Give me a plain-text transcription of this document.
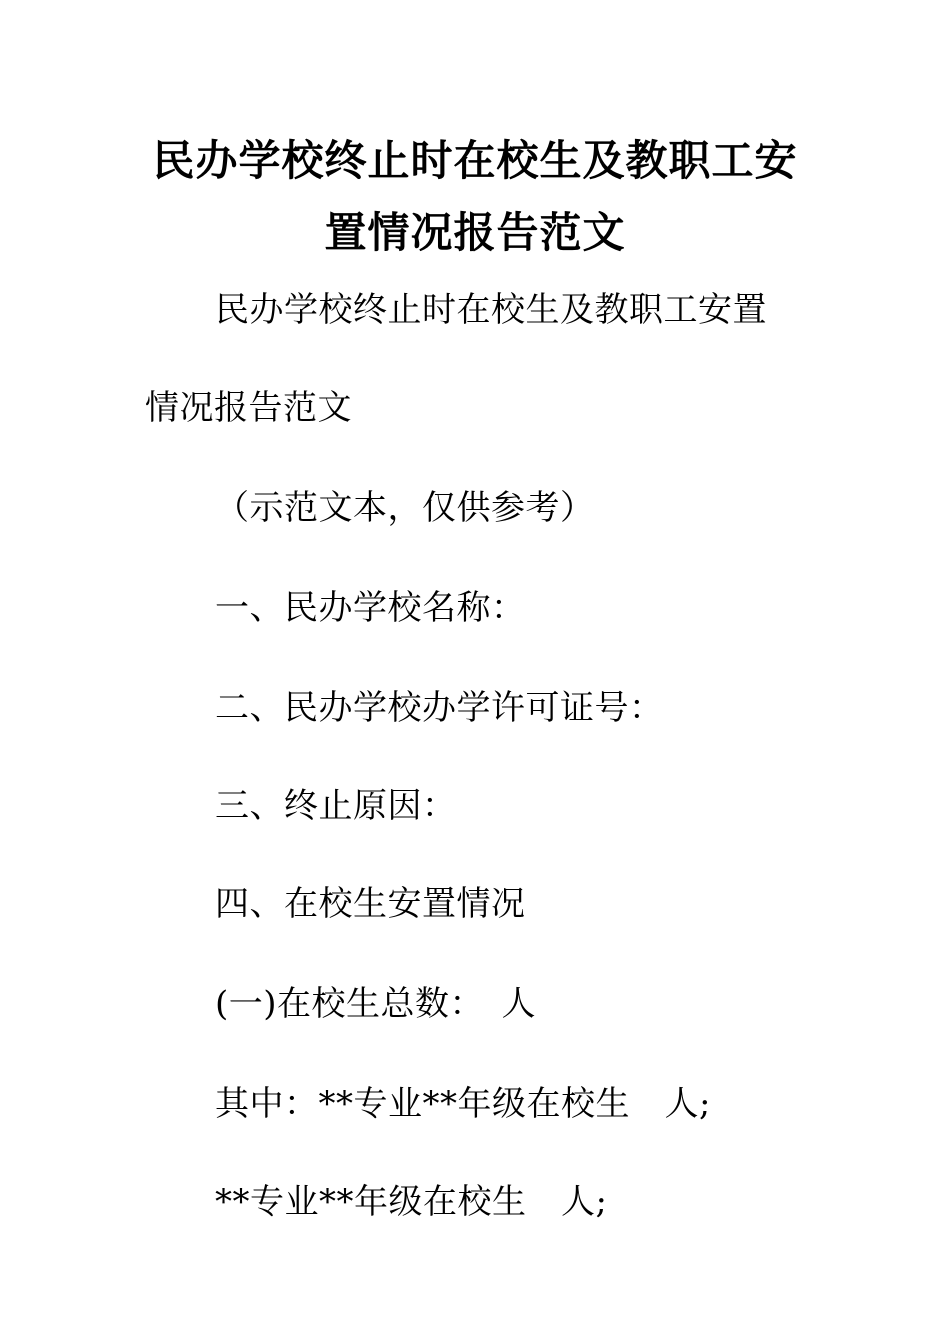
民办学校终止时在校生及教职工安
置情况报告范文
民办学校终止时在校生及教职工安置
情况报告范文
（示范文本，仅供参考）
一、民办学校名称：
二、民办学校办学许可证号：
三、终止原因：
四、在校生安置情况
(一)在校生总数：　人
其中：**专业**年级在校生　人;
**专业**年级在校生　人;
